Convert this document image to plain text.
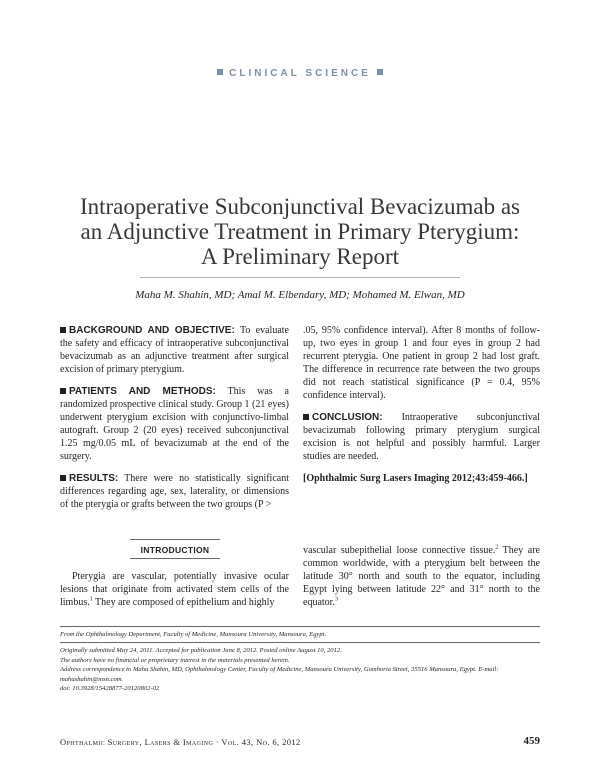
CLINICAL SCIENCE
Intraoperative Subconjunctival Bevacizumab as
an Adjunctive Treatment in Primary Pterygium:
A Preliminary Report
Maha M. Shahin, MD; Amal M. Elbendary, MD; Mohamed M. Elwan, MD

BACKGROUND AND OBJECTIVE: To evaluate the safety and efficacy of intraoperative subconjunctival bevacizumab as an adjunctive treatment after surgical excision of primary pterygium.

PATIENTS AND METHODS: This was a randomized prospective clinical study. Group 1 (21 eyes) underwent pterygium excision with conjunctivo-limbal autograft. Group 2 (20 eyes) received subconjunctival 1.25 mg/0.05 mL of bevacizumab at the end of the surgery.

RESULTS: There were no statistically significant differences regarding age, sex, laterality, or dimensions of the pterygia or grafts between the two groups (P >

.05, 95% confidence interval). After 8 months of follow-up, two eyes in group 1 and four eyes in group 2 had recurrent pterygia. One patient in group 2 had lost graft. The difference in recurrence rate between the two groups did not reach statistical significance (P = 0.4, 95% confidence interval).

CONCLUSION: Intraoperative subconjunctival bevacizumab following primary pterygium surgical excision is not helpful and possibly harmful. Larger studies are needed.

[Ophthalmic Surg Lasers Imaging 2012;43:459-466.]

INTRODUCTION
Pterygia are vascular, potentially invasive ocular lesions that originate from activated stem cells of the limbus.$^1$ They are composed of epithelium and highly
vascular subepithelial loose connective tissue.$^2$ They are common worldwide, with a pterygium belt between the latitude 30° north and south to the equator, including Egypt lying between latitude 22° and 31° north to the equator.$^3$
From the Ophthalmology Department, Faculty of Medicine, Mansoura University, Mansoura, Egypt.
Originally submitted May 24, 2011. Accepted for publication June 8, 2012. Posted online August 10, 2012.
The authors have no financial or proprietary interest in the materials presented herein.
Address correspondence to Maha Shahin, MD, Ophthalmology Center, Faculty of Medicine, Mansoura University, Gomhoria Street, 35516 Mansoura, Egypt. E-mail: mahashahin@msn.com.
doi: 10.3928/15428877-20120802-02
Ophthalmic Surgery, Lasers & Imaging · Vol. 43, No. 6, 2012	459
